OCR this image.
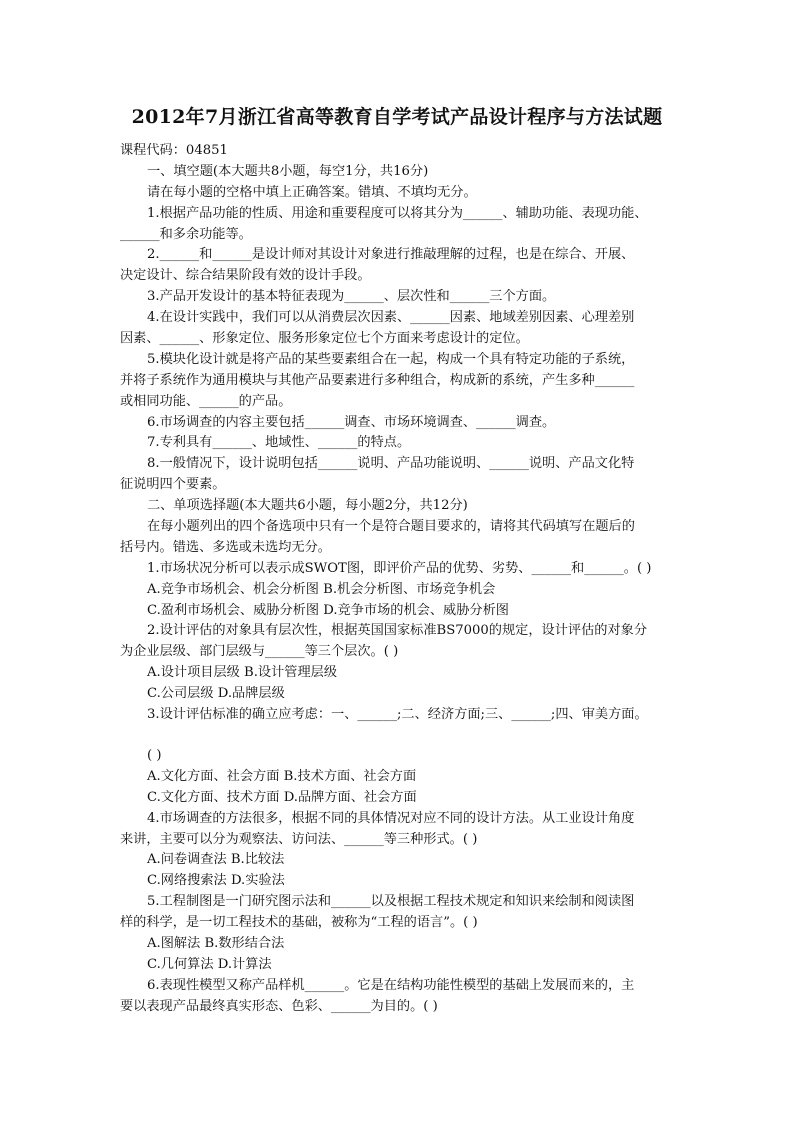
2012年7月浙江省高等教育自学考试产品设计程序与方法试题

课程代码：04851

一、填空题(本大题共8小题，每空1分，共16分)

请在每小题的空格中填上正确答案。错填、不填均无分。

1.根据产品功能的性质、用途和重要程度可以将其分为______、辅助功能、表现功能、

______和多余功能等。

2.______和______是设计师对其设计对象进行推敲理解的过程，也是在综合、开展、

决定设计、综合结果阶段有效的设计手段。

3.产品开发设计的基本特征表现为______、层次性和______三个方面。

4.在设计实践中，我们可以从消费层次因素、______因素、地域差别因素、心理差别

因素、______、形象定位、服务形象定位七个方面来考虑设计的定位。

5.模块化设计就是将产品的某些要素组合在一起，构成一个具有特定功能的子系统，

并将子系统作为通用模块与其他产品要素进行多种组合，构成新的系统，产生多种______

或相同功能、______的产品。

6.市场调查的内容主要包括______调查、市场环境调查、______调查。

7.专利具有______、地域性、______的特点。

8.一般情况下，设计说明包括______说明、产品功能说明、______说明、产品文化特

征说明四个要素。

二、单项选择题(本大题共6小题，每小题2分，共12分)

在每小题列出的四个备选项中只有一个是符合题目要求的，请将其代码填写在题后的

括号内。错选、多选或未选均无分。

1.市场状况分析可以表示成SWOT图，即评价产品的优势、劣势、______和______。( )

A.竞争市场机会、机会分析图 B.机会分析图、市场竞争机会

C.盈利市场机会、威胁分析图 D.竞争市场的机会、威胁分析图

2.设计评估的对象具有层次性，根据英国国家标准BS7000的规定，设计评估的对象分

为企业层级、部门层级与______等三个层次。( )

A.设计项目层级 B.设计管理层级

C.公司层级 D.品牌层级

3.设计评估标准的确立应考虑：一、______;二、经济方面;三、______;四、审美方面。

( )

A.文化方面、社会方面 B.技术方面、社会方面

C.文化方面、技术方面 D.品牌方面、社会方面

4.市场调查的方法很多，根据不同的具体情况对应不同的设计方法。从工业设计角度

来讲，主要可以分为观察法、访问法、______等三种形式。( )

A.问卷调查法 B.比较法

C.网络搜索法 D.实验法

5.工程制图是一门研究图示法和______以及根据工程技术规定和知识来绘制和阅读图

样的科学，是一切工程技术的基础，被称为“工程的语言”。( )

A.图解法 B.数形结合法

C.几何算法 D.计算法

6.表现性模型又称产品样机______。它是在结构功能性模型的基础上发展而来的，主

要以表现产品最终真实形态、色彩、______为目的。( )
